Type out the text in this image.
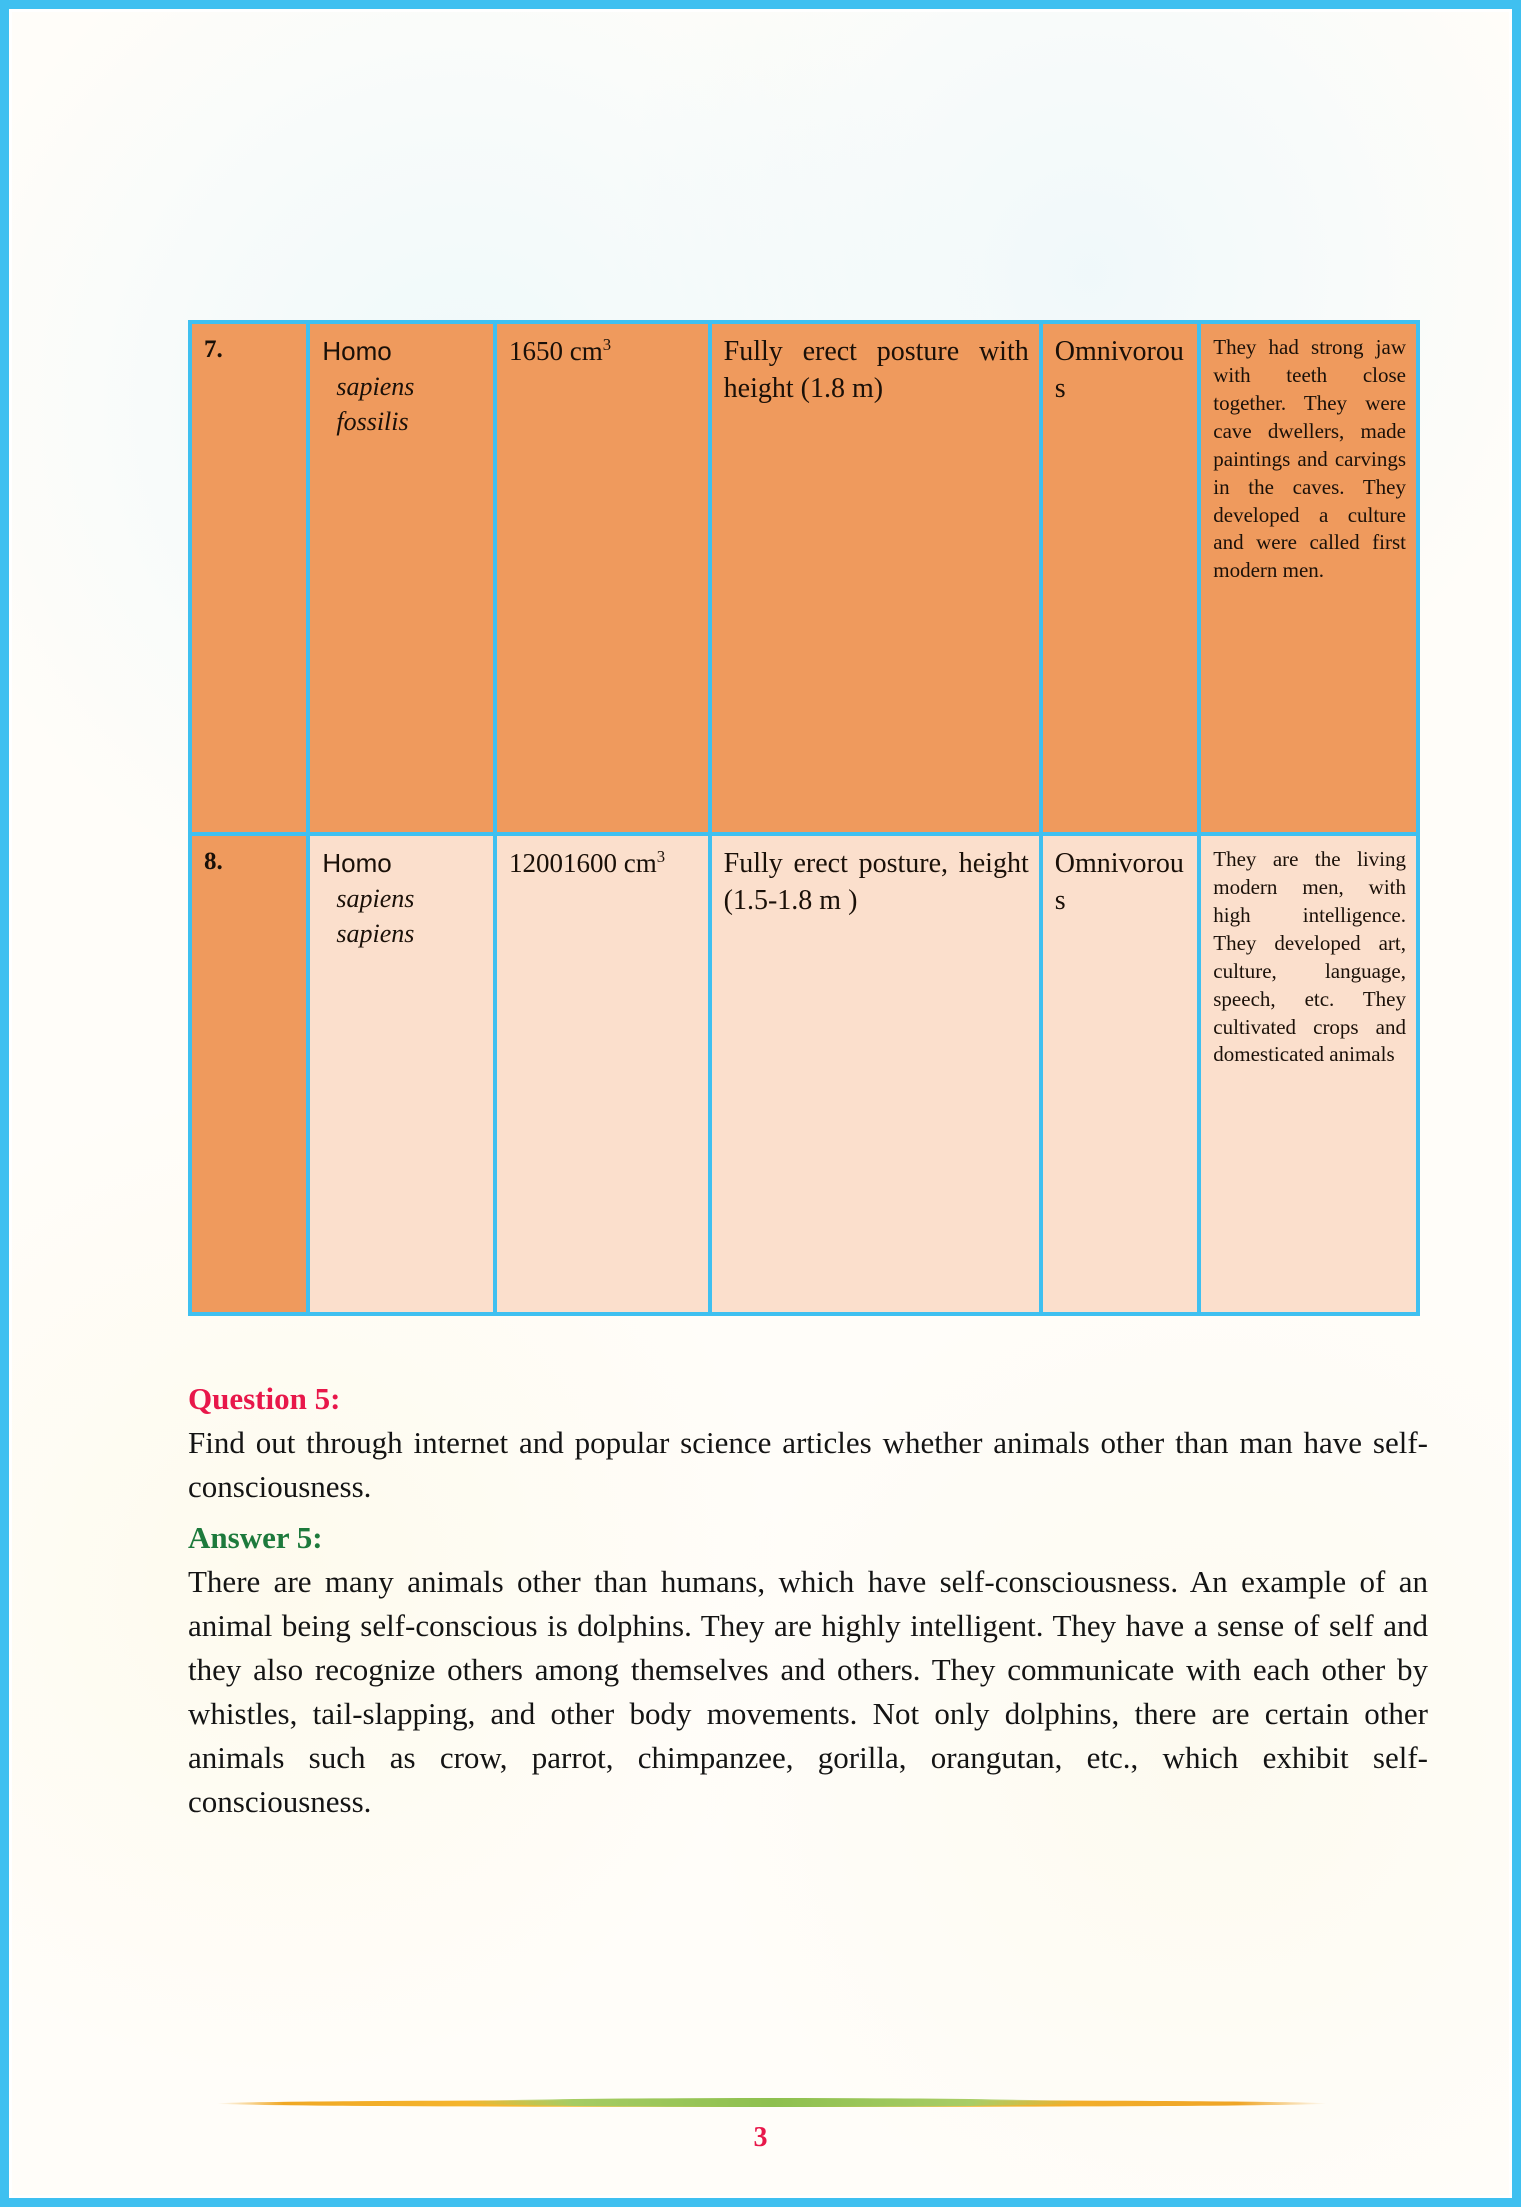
7.	Homo
sapiens
fossilis	1650 $cm^3$	Fully erect posture with height (1.8 m)	Omnivorous	They had strong jaw with teeth close together. They were cave dwellers, made paintings and carvings in the caves. They developed a culture and were called first modern men.

8.	Homo
sapiens
sapiens	12001600 $cm^3$	Fully erect posture, height (1.5-1.8 m )	Omnivorous	They are the living modern men, with high intelligence. They developed art, culture, language, speech, etc. They cultivated crops and domesticated animals

Question 5:

Find out through internet and popular science articles whether animals other than man have self-consciousness.

Answer 5:

There are many animals other than humans, which have self-consciousness. An example of an animal being self-conscious is dolphins. They are highly intelligent. They have a sense of self and they also recognize others among themselves and others. They communicate with each other by whistles, tail-slapping, and other body movements. Not only dolphins, there are certain other animals such as crow, parrot, chimpanzee, gorilla, orangutan, etc., which exhibit self-consciousness.

3
